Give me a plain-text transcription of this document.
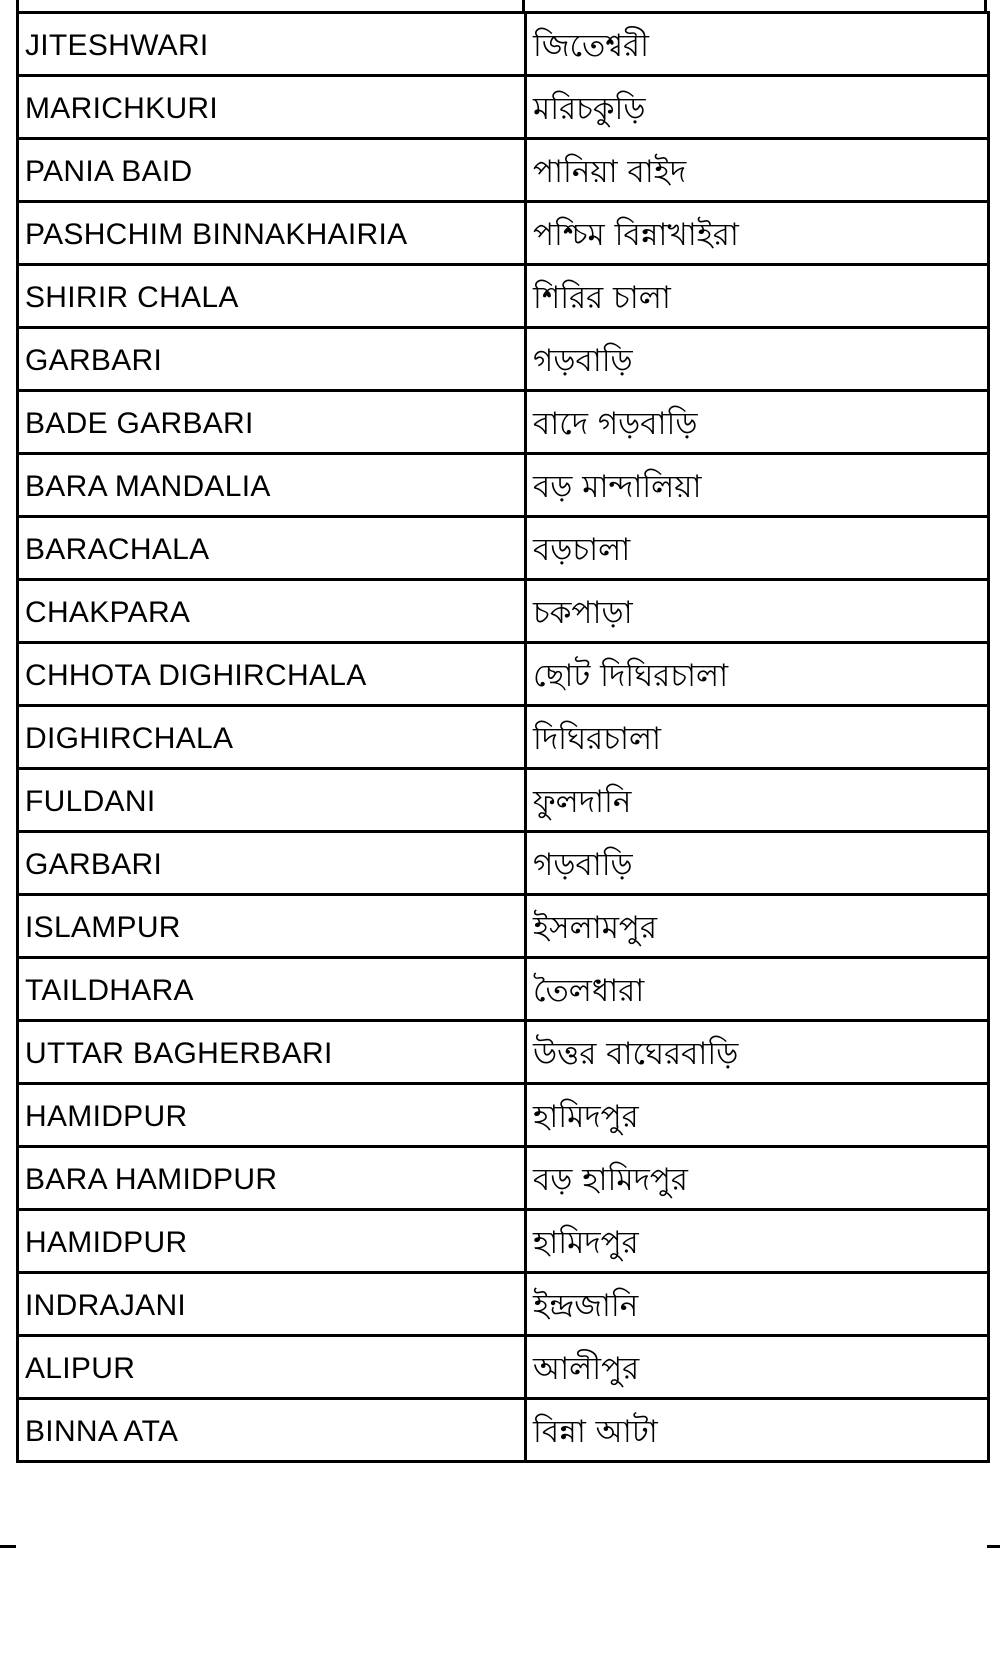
JITESHWARI	জিতেশ্বরী
MARICHKURI	মরিচকুড়ি
PANIA BAID	পানিয়া বাইদ
PASHCHIM BINNAKHAIRIA	পশ্চিম বিন্নাখাইরা
SHIRIR CHALA	শিরির চালা
GARBARI	গড়বাড়ি
BADE GARBARI	বাদে গড়বাড়ি
BARA MANDALIA	বড় মান্দালিয়া
BARACHALA	বড়চালা
CHAKPARA	চকপাড়া
CHHOTA DIGHIRCHALA	ছোট দিঘিরচালা
DIGHIRCHALA	দিঘিরচালা
FULDANI	ফুলদানি
GARBARI	গড়বাড়ি
ISLAMPUR	ইসলামপুর
TAILDHARA	তৈলধারা
UTTAR BAGHERBARI	উত্তর বাঘেরবাড়ি
HAMIDPUR	হামিদপুর
BARA HAMIDPUR	বড় হামিদপুর
HAMIDPUR	হামিদপুর
INDRAJANI	ইন্দ্রজানি
ALIPUR	আলীপুর
BINNA ATA	বিন্না আটা
